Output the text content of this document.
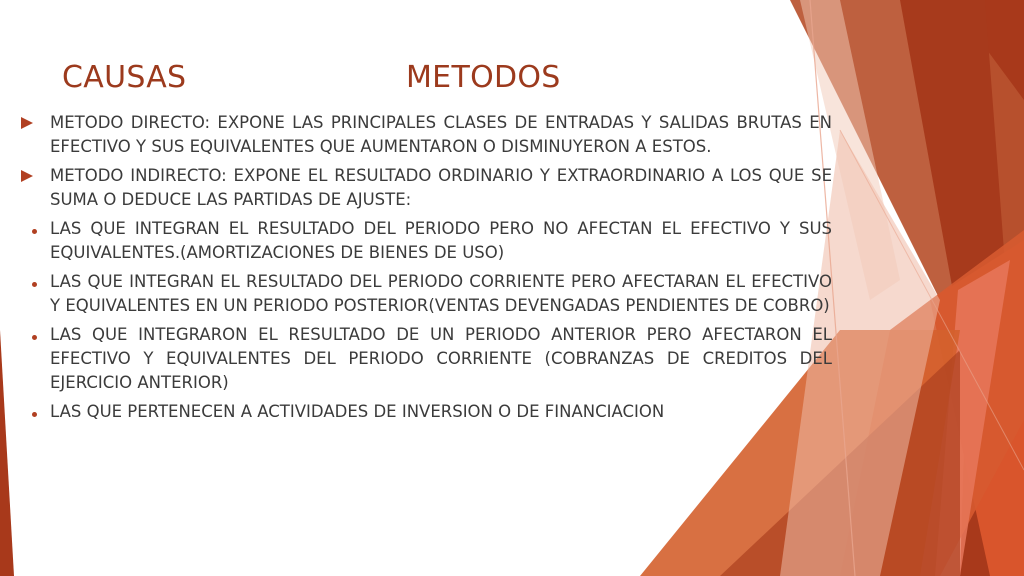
CAUSAS	METODOS
METODO DIRECTO: EXPONE LAS PRINCIPALES CLASES DE ENTRADAS Y SALIDAS BRUTAS EN EFECTIVO Y SUS EQUIVALENTES QUE AUMENTARON O DISMINUYERON A ESTOS.
METODO INDIRECTO: EXPONE EL RESULTADO ORDINARIO Y EXTRAORDINARIO A LOS QUE SE SUMA O DEDUCE LAS PARTIDAS DE AJUSTE:
LAS QUE INTEGRAN EL RESULTADO DEL PERIODO PERO NO AFECTAN EL EFECTIVO Y SUS EQUIVALENTES.(AMORTIZACIONES DE BIENES DE USO)
LAS QUE INTEGRAN EL RESULTADO DEL PERIODO CORRIENTE PERO AFECTARAN EL EFECTIVO Y EQUIVALENTES EN UN PERIODO POSTERIOR(VENTAS DEVENGADAS PENDIENTES DE COBRO)
LAS QUE INTEGRARON EL RESULTADO DE UN PERIODO ANTERIOR PERO AFECTARON EL EFECTIVO Y EQUIVALENTES DEL PERIODO CORRIENTE (COBRANZAS DE CREDITOS DEL EJERCICIO ANTERIOR)
LAS QUE PERTENECEN A ACTIVIDADES DE INVERSION O DE FINANCIACION
